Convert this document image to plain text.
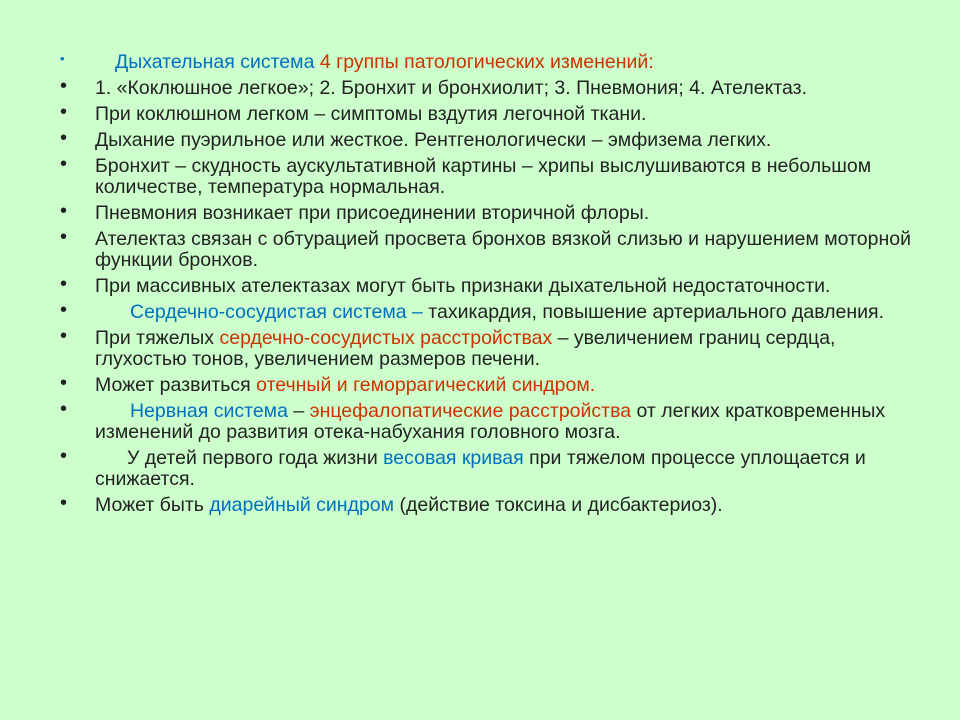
•	Дыхательная система 4 группы патологических изменений:
•	1. «Коклюшное легкое»; 2. Бронхит и бронхиолит; 3. Пневмония; 4. Ателектаз.
•	При коклюшном легком – симптомы вздутия легочной ткани.
•	Дыхание пуэрильное или жесткое. Рентгенологически – эмфизема легких.
•	Бронхит – скудность аускультативной картины – хрипы выслушиваются в небольшом количестве, температура нормальная.
•	Пневмония возникает при присоединении вторичной флоры.
•	Ателектаз связан с обтурацией просвета бронхов вязкой слизью и нарушением моторной функции бронхов.
•	При массивных ателектазах могут быть признаки дыхательной недостаточности.
•	Сердечно-сосудистая система – тахикардия, повышение артериального давления.
•	При тяжелых сердечно-сосудистых расстройствах – увеличением границ сердца, глухостью тонов, увеличением размеров печени.
•	Может развиться отечный и геморрагический синдром.
•	Нервная система – энцефалопатические расстройства от легких кратковременных изменений до развития отека-набухания головного мозга.
•	У детей первого года жизни весовая кривая при тяжелом процессе уплощается и снижается.
•	Может быть диарейный синдром (действие токсина и дисбактериоз).
